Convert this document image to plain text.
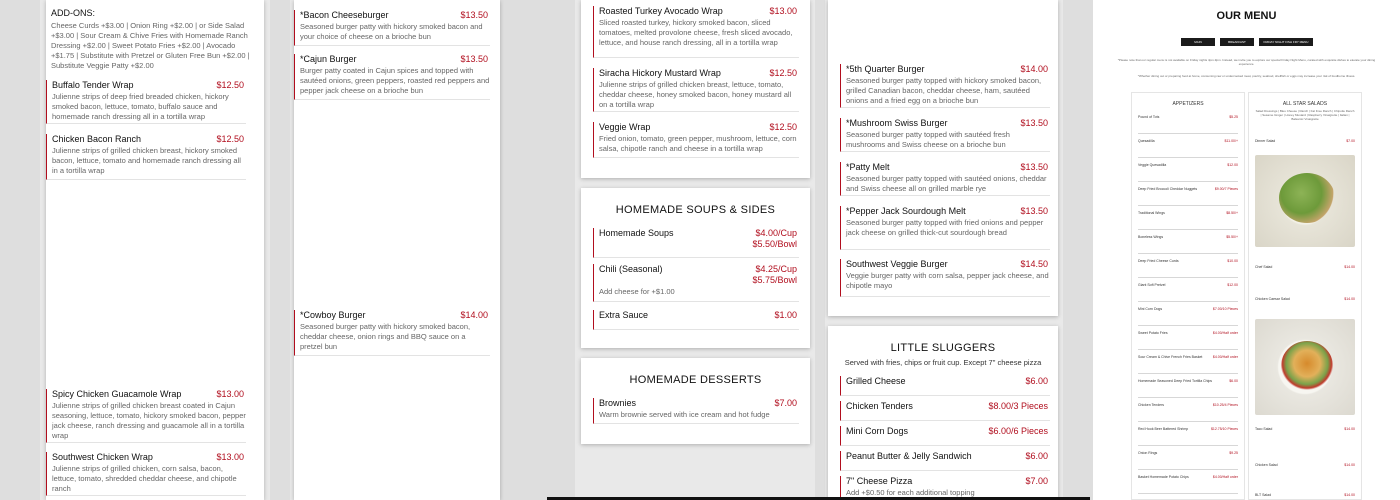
ADD-ONS:
Cheese Curds +$3.00 | Onion Ring +$2.00 | or Side Salad +$3.00 | Sour Cream & Chive Fries with Homemade Ranch Dressing +$2.00 | Sweet Potato Fries +$2.00 | Avocado +$1.75 | Substitute with Pretzel or Gluten Free Bun +$2.00 | Substitute Veggie Patty +$2.00
Buffalo Tender Wrap	$12.50
Julienne strips of deep fried breaded chicken, hickory smoked bacon, lettuce, tomato, buffalo sauce and homemade ranch dressing all in a tortilla wrap
Chicken Bacon Ranch	$12.50
Julienne strips of grilled chicken breast, hickory smoked bacon, lettuce, tomato and homemade ranch dressing all in a tortilla wrap
Spicy Chicken Guacamole Wrap	$13.00
Julienne strips of grilled chicken breast coated in Cajun seasoning, lettuce, tomato, hickory smoked bacon, pepper jack cheese, ranch dressing and guacamole all in a tortilla wrap
Southwest Chicken Wrap	$13.00
Julienne strips of grilled chicken, corn salsa, bacon, lettuce, tomato, shredded cheddar cheese, and chipotle ranch
*Bacon Cheeseburger	$13.50
Seasoned burger patty with hickory smoked bacon and your choice of cheese on a brioche bun
*Cajun Burger	$13.50
Burger patty coated in Cajun spices and topped with sautéed onions, green peppers, roasted red peppers and pepper jack cheese on a brioche bun
*Cowboy Burger	$14.00
Seasoned burger patty with hickory smoked bacon, cheddar cheese, onion rings and BBQ sauce on a pretzel bun
Roasted Turkey Avocado Wrap	$13.00
Sliced roasted turkey, hickory smoked bacon, sliced tomatoes, melted provolone cheese, fresh sliced avocado, lettuce, and house ranch dressing, all in a tortilla wrap
Siracha Hickory Mustard Wrap	$12.50
Julienne strips of grilled chicken breast, lettuce, tomato, cheddar cheese, honey smoked bacon, honey mustard all on a tortilla wrap
Veggie Wrap	$12.50
Fried onion, tomato, green pepper, mushroom, lettuce, corn salsa, chipotle ranch and cheese in a tortilla wrap
HOMEMADE SOUPS & SIDES
Homemade Soups	$4.00/Cup
$5.50/Bowl
Chili (Seasonal)	$4.25/Cup
$5.75/Bowl
Add cheese for +$1.00
Extra Sauce	$1.00
HOMEMADE DESSERTS
Brownies	$7.00
Warm brownie served with ice cream and hot fudge
*5th Quarter Burger	$14.00
Seasoned burger patty topped with hickory smoked bacon, grilled Canadian bacon, cheddar cheese, ham, sautéed onions and a fried egg on a brioche bun
*Mushroom Swiss Burger	$13.50
Seasoned burger patty topped with sautéed fresh mushrooms and Swiss cheese on a brioche bun
*Patty Melt	$13.50
Seasoned burger patty topped with sautéed onions, cheddar and Swiss cheese all on grilled marble rye
*Pepper Jack Sourdough Melt	$13.50
Seasoned burger patty topped with fried onions and pepper jack cheese on grilled thick-cut sourdough bread
Southwest Veggie Burger	$14.50
Veggie burger patty with corn salsa, pepper jack cheese, and chipotle mayo
LITTLE SLUGGERS
Served with fries, chips or fruit cup. Except 7" cheese pizza
Grilled Cheese	$6.00
Chicken Tenders	$8.00/3 Pieces
Mini Corn Dogs	$6.00/6 Pieces
Peanut Butter & Jelly Sandwich	$6.00
7" Cheese Pizza	$7.00
Add +$0.50 for each additional topping
OUR MENU
MAIN	BREAKFAST	FRIDAY NIGHT FISH FRY MENU
*Please note that our regular menu is not available on Friday nights 4pm-9pm. Instead, we invite you to explore our special Friday Night Menu, curated with exquisite dishes to elevate your dining experience.
*Whether dining out or preparing food at home, consuming raw or undercooked meat, poultry, seafood, shellfish or eggs may increase your risk of foodborne illness.
APPETIZERS
Pound of Tots	$5.25
Quesadilla	$11.00/+
Veggie Quesadilla	$12.00
Deep Fried Broccoli Cheddar Nuggets	$9.00/7 Pieces
Traditional Wings	$8.50/+
Boneless Wings	$5.50/+
Deep Fried Cheese Curds	$10.00
Giant Soft Pretzel	$12.00
Mini Corn Dogs	$7.00/10 Pieces
Sweet Potato Fries	$4.00/Half order
Sour Cream & Chive French Fries Basket	$4.00/Half order
Homemade Seasoned Deep Fried Tortilla Chips	$6.00
Chicken Tenders	$10.25/4 Pieces
Red Hook Beer Battered Shrimp	$12.75/10 Pieces
Onion Rings	$9.25
Basket Homemade Potato Chips	$4.00/Half order
ALL STAR SALADS
Salad Dressings | Bleu Cheese | Ranch | Fat Free Ranch | Chipotle Ranch | Sesame Ginger | Honey Mustard | Raspberry Vinaigrette | Italian | Balsamic Vinaigrette
Dinner Salad	$7.00
Chef Salad	$14.00
Chicken Caesar Salad	$14.00
Taco Salad	$14.00
Chicken Salad	$14.00
BLT Salad	$14.00
